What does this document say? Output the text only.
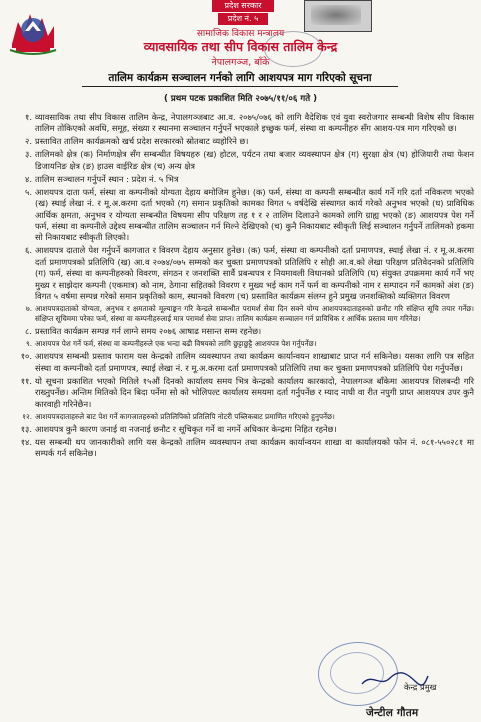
प्रदेश सरकार
प्रदेश नं. ५
सामाजिक विकास मन्त्रालय
व्यावसायिक तथा सीप विकास तालिम केन्द्र
नेपालगञ्ज, बाँके
तालिम कार्यक्रम सञ्चालन गर्नको लागि आशयपत्र माग गरिएको सूचना
( प्रथम पटक प्रकाशित मिति २०७५/११/०६ गते )
१. व्यावसायिक तथा सीप विकास तालिम केन्द्र, नेपालगञ्जबाट आ.व. २०७५/०७६ को लागि वैदेशिक एवं युवा स्वरोजगार सम्बन्धी विशेष सीप विकास तालिम तोकिएको अवधि, समूह, संख्या र स्थानमा सञ्चालन गर्नुपर्ने भएकाले इच्छुक फर्म, संस्था वा कम्पनीहरु सँग आशय-पत्र माग गरिएको छ।
२. प्रस्तावित तालिम कार्यक्रमको खर्च प्रदेश सरकारको स्रोतबाट व्यहोरिने छ।
३. तालिमको क्षेत्र (क) निर्माणक्षेत्र सँग सम्बन्धीत विषयहरु (ख) होटल, पर्यटन तथा बजार व्यवस्थापन क्षेत्र (ग) सुरक्षा क्षेत्र (घ) होजियारी तथा फेशन डिजायनिङ क्षेत्र (ङ) हाउस वाईरिङ क्षेत्र (च) अन्य क्षेत्र
४. तालिम सञ्चालन गर्नुपर्ने स्थान : प्रदेश नं. ५ भित्र
५. आशयपत्र दाता फर्म, संस्था वा कम्पनीको योग्यता देहाय बमोजिम हुनेछ। (क) फर्म, संस्था वा कम्पनी सम्बन्धीत कार्य गर्ने गरि दर्ता नविकरण भएको (ख) स्थाई लेखा नं. र मू.अ.करमा दर्ता भएको (ग) समान प्रकृतिको कामका विगत ५ वर्षदेखि संस्थागत कार्य गरेको अनुभव भएको (घ) प्राविधिक आर्थिक क्षमता, अनुभव र योग्यता सम्बन्धीत विषयमा सीप परिक्षण तह १ र २ तालिम दिलाउने कामको लागि ग्राह्य भएको (ङ) आशयपत्र पेश गर्ने फर्म, संस्था वा कम्पनीले उद्देश्य सम्बन्धीत तालिम सञ्चालन गर्न मिल्ने देखिएको (च) कुनै निकायबाट स्वीकृती लिई सञ्चालन गर्नुपर्ने तालिमको हकमा सो निकायबाट स्वीकृती लिएको।
६. आशयपत्र दाताले पेश गर्नुपर्ने कागजात र विवरण देहाय अनुसार हुनेछ। (क) फर्म, संस्था वा कम्पनीको दर्ता प्रमाणपत्र, स्थाई लेखा नं. र मू.अ.करमा दर्ता प्रमाणपत्रको प्रतिलिपि (ख) आ.व २०७४/०७५ सम्मको कर चुक्ता प्रमाणपत्रको प्रतिलिपि र सोही आ.व.को लेखा परिक्षण प्रतिवेदनको प्रतिलिपि (ग) फर्म, संस्था वा कम्पनीहरुको विवरण, संगठन र जनशक्ति सार्वै प्रबन्धपत्र र नियमावली विधानको प्रतिलिपि (घ) संयुक्त उपक्रममा कार्य गर्ने भए मुख्य र साझेदार कम्पनी (एकमात्र) को नाम, ठेगाना सहितको विवरण र मुख्य भई काम गर्ने फर्म वा कम्पनीको नाम र सम्पादन गर्ने कामको अंश (ङ) विगत ५ वर्षमा सम्पन्न गरेको समान प्रकृतिको काम, स्थानको विवरण (च) प्रस्तावित कार्यक्रम संलग्न हुने प्रमुख जनशक्तिको व्यक्तिगत विवरण
७. आशयपत्रदाताको योग्यता, अनुभव र क्षमताको मूल्याङ्कन गरि केन्द्रले सम्बन्धीत परामर्श सेवा दिन सक्ने योग्य आशयपत्रदाताहरुको छनौट गरि संक्षिप्त सूचि तयार गर्नेछ। संक्षिप्त सूचिममा परेका फर्म, संस्था वा कम्पनीहरुलाई मात्र परामर्श सेवा प्राप्त। तालिम कार्यक्रम सञ्चालन गर्न प्राविधिक र आर्थिक प्रस्ताव माग गरिनेछ।
८. प्रस्तावित कार्यक्रम सम्पन्न गर्न लाग्ने समय २०७६ आषाढ मसान्त सम्म रहनेछ।
९. आशयपत्र पेश गर्ने फर्म, संस्था वा कम्पनीहरुले एक भन्दा बढी विषयको लागि छुट्टाछुट्टै आशयपत्र पेश गर्नुपर्नेछ।
१०. आशयपत्र सम्बन्धी प्रस्ताव फाराम यस केन्द्रको तालिम व्यवस्थापन तथा कार्यक्रम कार्यान्वयन शाखाबाट प्राप्त गर्न सकिनेछ। यसका लागि पत्र सहित संस्था वा कम्पनीको दर्ता प्रमाणपत्र, स्थाई लेखा नं. र मू.अ.करमा दर्ता प्रमाणपत्रको प्रतिलिपि तथा कर चुक्ता प्रमाणपत्रको प्रतिलिपि पेश गर्नुपर्नेछ।
११. यो सूचना प्रकाशित भएको मितिले १५औं दिनको कार्यालय समय भित्र केन्द्रको कार्यालय कारकादो, नेपालगञ्ज बाँकेमा आशयपत्र शिलबन्दी गरि राख्नुपर्नेछ। अन्तिम मितिको दिन बिदा पर्नेमा सो को भोलिपल्ट कार्यालय समयमा दर्ता गर्नुपर्नेछ र म्याद नाघी वा रीत नपुगी प्राप्त आशयपत्र उपर कुनै कारवाही गरिनेछैन।
१२. आशयपत्रदाताहरुले बाट पेश गर्ने कागजातहरुको प्रतिलिपिको प्रतिलिपि नोटरी पब्लिकबाट प्रमाणित गरिएको हुनुपर्नेछ।
१३. आशयपत्र कुनै कारण जनाई वा नजनाई छनौट र सूचिकृत गर्ने वा नगर्ने अधिकार केन्द्रमा निहित रहनेछ।
१४. यस सम्बन्धी थप जानकारीको लागि यस केन्द्रको तालिम व्यवस्थापन तथा कार्यक्रम कार्यान्वयन शाखा वा कार्यालयको फोन नं. ०८१-५५०२८१ मा सम्पर्क गर्न सकिनेछ।
केन्द्र प्रमुख
जेन्टील गौतम
